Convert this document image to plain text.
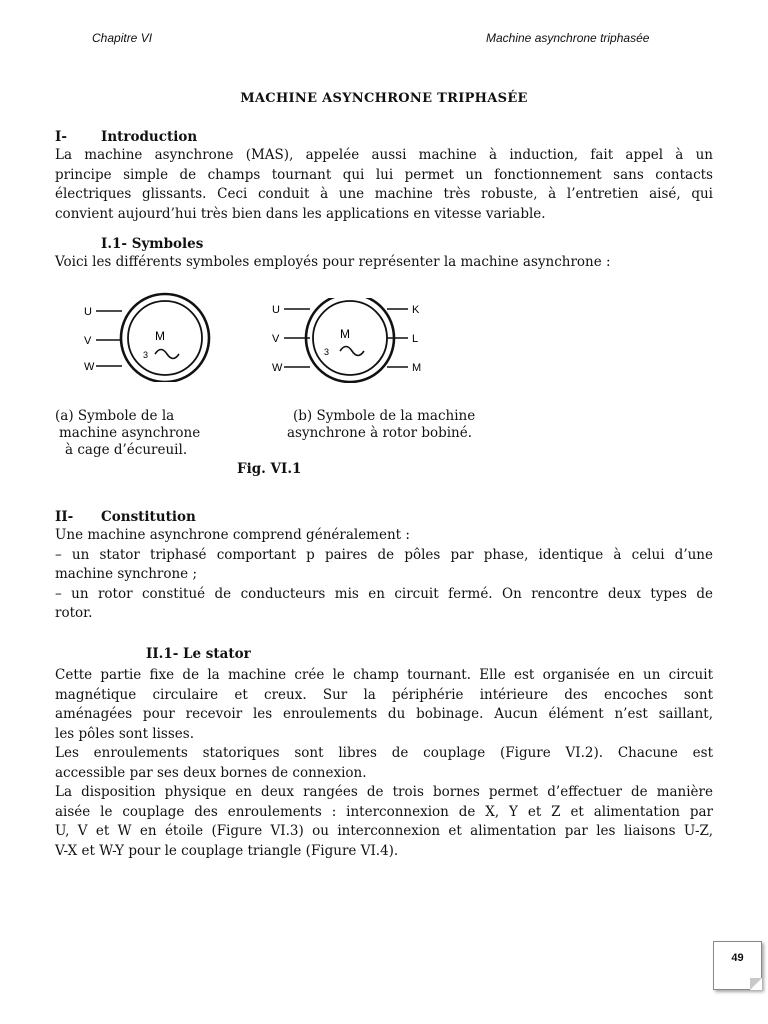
Chapitre VI	Machine asynchrone triphasée
MACHINE ASYNCHRONE TRIPHASÉE
I-	Introduction

La machine asynchrone (MAS), appelée aussi machine à induction, fait appel à un

principe simple de champs tournant qui lui permet un fonctionnement sans contacts

électriques glissants. Ceci conduit à une machine très robuste, à l’entretien aisé, qui

convient aujourd’hui très bien dans les applications en vitesse variable.

I.1- Symboles

Voici les différents symboles employés pour représenter la machine asynchrone :

U
V
W
M
3
U
V
W
K
L
M
M
3
(a) Symbole de la
machine asynchrone
à cage d’écureuil.
(b) Symbole de la machine
asynchrone à rotor bobiné.
Fig. VI.1
II- Constitution

Une machine asynchrone comprend généralement :

– un stator triphasé comportant p paires de pôles par phase, identique à celui d’une

machine synchrone ;

– un rotor constitué de conducteurs mis en circuit fermé. On rencontre deux types de

rotor.

II.1- Le stator

Cette partie fixe de la machine crée le champ tournant. Elle est organisée en un circuit

magnétique circulaire et creux. Sur la périphérie intérieure des encoches sont

aménagées pour recevoir les enroulements du bobinage. Aucun élément n’est saillant,

les pôles sont lisses.

Les enroulements statoriques sont libres de couplage (Figure VI.2). Chacune est

accessible par ses deux bornes de connexion.

La disposition physique en deux rangées de trois bornes permet d’effectuer de manière

aisée le couplage des enroulements : interconnexion de X, Y et Z et alimentation par

U, V et W en étoile (Figure VI.3) ou interconnexion et alimentation par les liaisons U-Z,

V-X et W-Y pour le couplage triangle (Figure VI.4).

49
